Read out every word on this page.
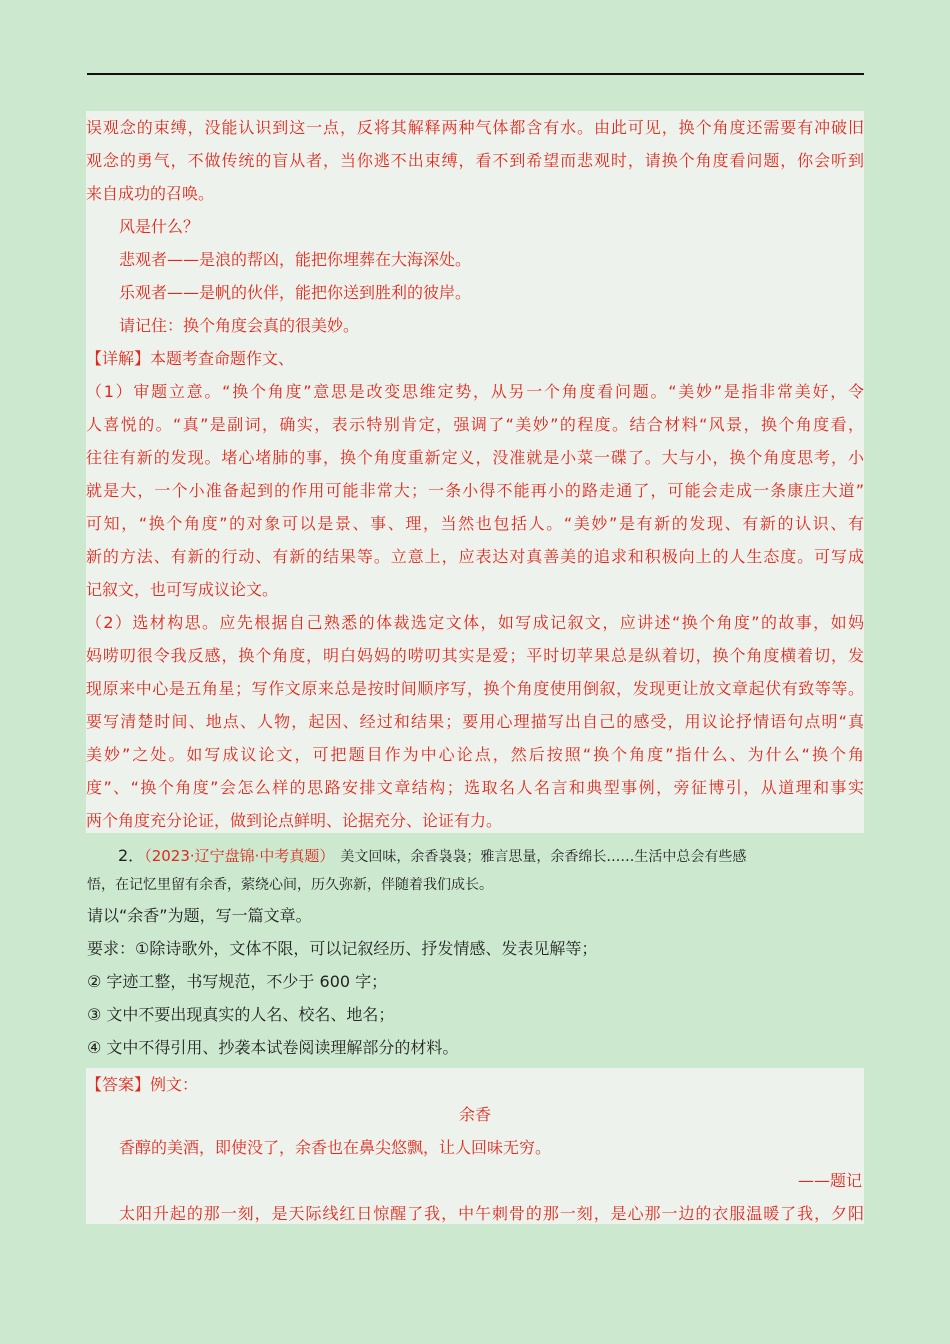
误观念的束缚，没能认识到这一点，反将其解释两种气体都含有水。由此可见，换个角度还需要有冲破旧
观念的勇气，不做传统的盲从者，当你逃不出束缚，看不到希望而悲观时，请换个角度看问题，你会听到
来自成功的召唤。
风是什么？
悲观者——是浪的帮凶，能把你埋葬在大海深处。
乐观者——是帆的伙伴，能把你送到胜利的彼岸。
请记住：换个角度会真的很美妙。
【详解】本题考查命题作文、
（1）审题立意。“换个角度”意思是改变思维定势，从另一个角度看问题。“美妙”是指非常美好，令
人喜悦的。“真”是副词，确实，表示特别肯定，强调了“美妙”的程度。结合材料“风景，换个角度看，
往往有新的发现。堵心堵肺的事，换个角度重新定义，没准就是小菜一碟了。大与小，换个角度思考，小
就是大，一个小准备起到的作用可能非常大；一条小得不能再小的路走通了，可能会走成一条康庄大道”
可知，“换个角度”的对象可以是景、事、理，当然也包括人。“美妙”是有新的发现、有新的认识、有
新的方法、有新的行动、有新的结果等。立意上，应表达对真善美的追求和积极向上的人生态度。可写成
记叙文，也可写成议论文。
（2）选材构思。应先根据自己熟悉的体裁选定文体，如写成记叙文，应讲述“换个角度”的故事，如妈
妈唠叨很令我反感，换个角度，明白妈妈的唠叨其实是爱；平时切苹果总是纵着切，换个角度横着切，发
现原来中心是五角星；写作文原来总是按时间顺序写，换个角度使用倒叙，发现更让放文章起伏有致等等。
要写清楚时间、地点、人物，起因、经过和结果；要用心理描写出自己的感受，用议论抒情语句点明“真
美妙”之处。如写成议论文，可把题目作为中心论点，然后按照“换个角度”指什么、为什么“换个角
度”、“换个角度”会怎么样的思路安排文章结构；选取名人名言和典型事例，旁征博引，从道理和事实
两个角度充分论证，做到论点鲜明、论据充分、论证有力。
2．（2023·辽宁盘锦·中考真题） 美文回味，余香袅袅；雅言思量，余香绵长……生活中总会有些感
悟，在记忆里留有余香，萦绕心间，历久弥新，伴随着我们成长。
请以“余香”为题，写一篇文章。
要求：①除诗歌外，文体不限，可以记叙经历、抒发情感、发表见解等；
② 字迹工整，书写规范，不少于 600 字；
③ 文中不要出现真实的人名、校名、地名；
④ 文中不得引用、抄袭本试卷阅读理解部分的材料。
【答案】例文：
余香
香醇的美酒，即使没了，余香也在鼻尖悠飘，让人回味无穷。
——题记
太阳升起的那一刻，是天际线红日惊醒了我，中午刺骨的那一刻，是心那一边的衣服温暖了我，夕阳
